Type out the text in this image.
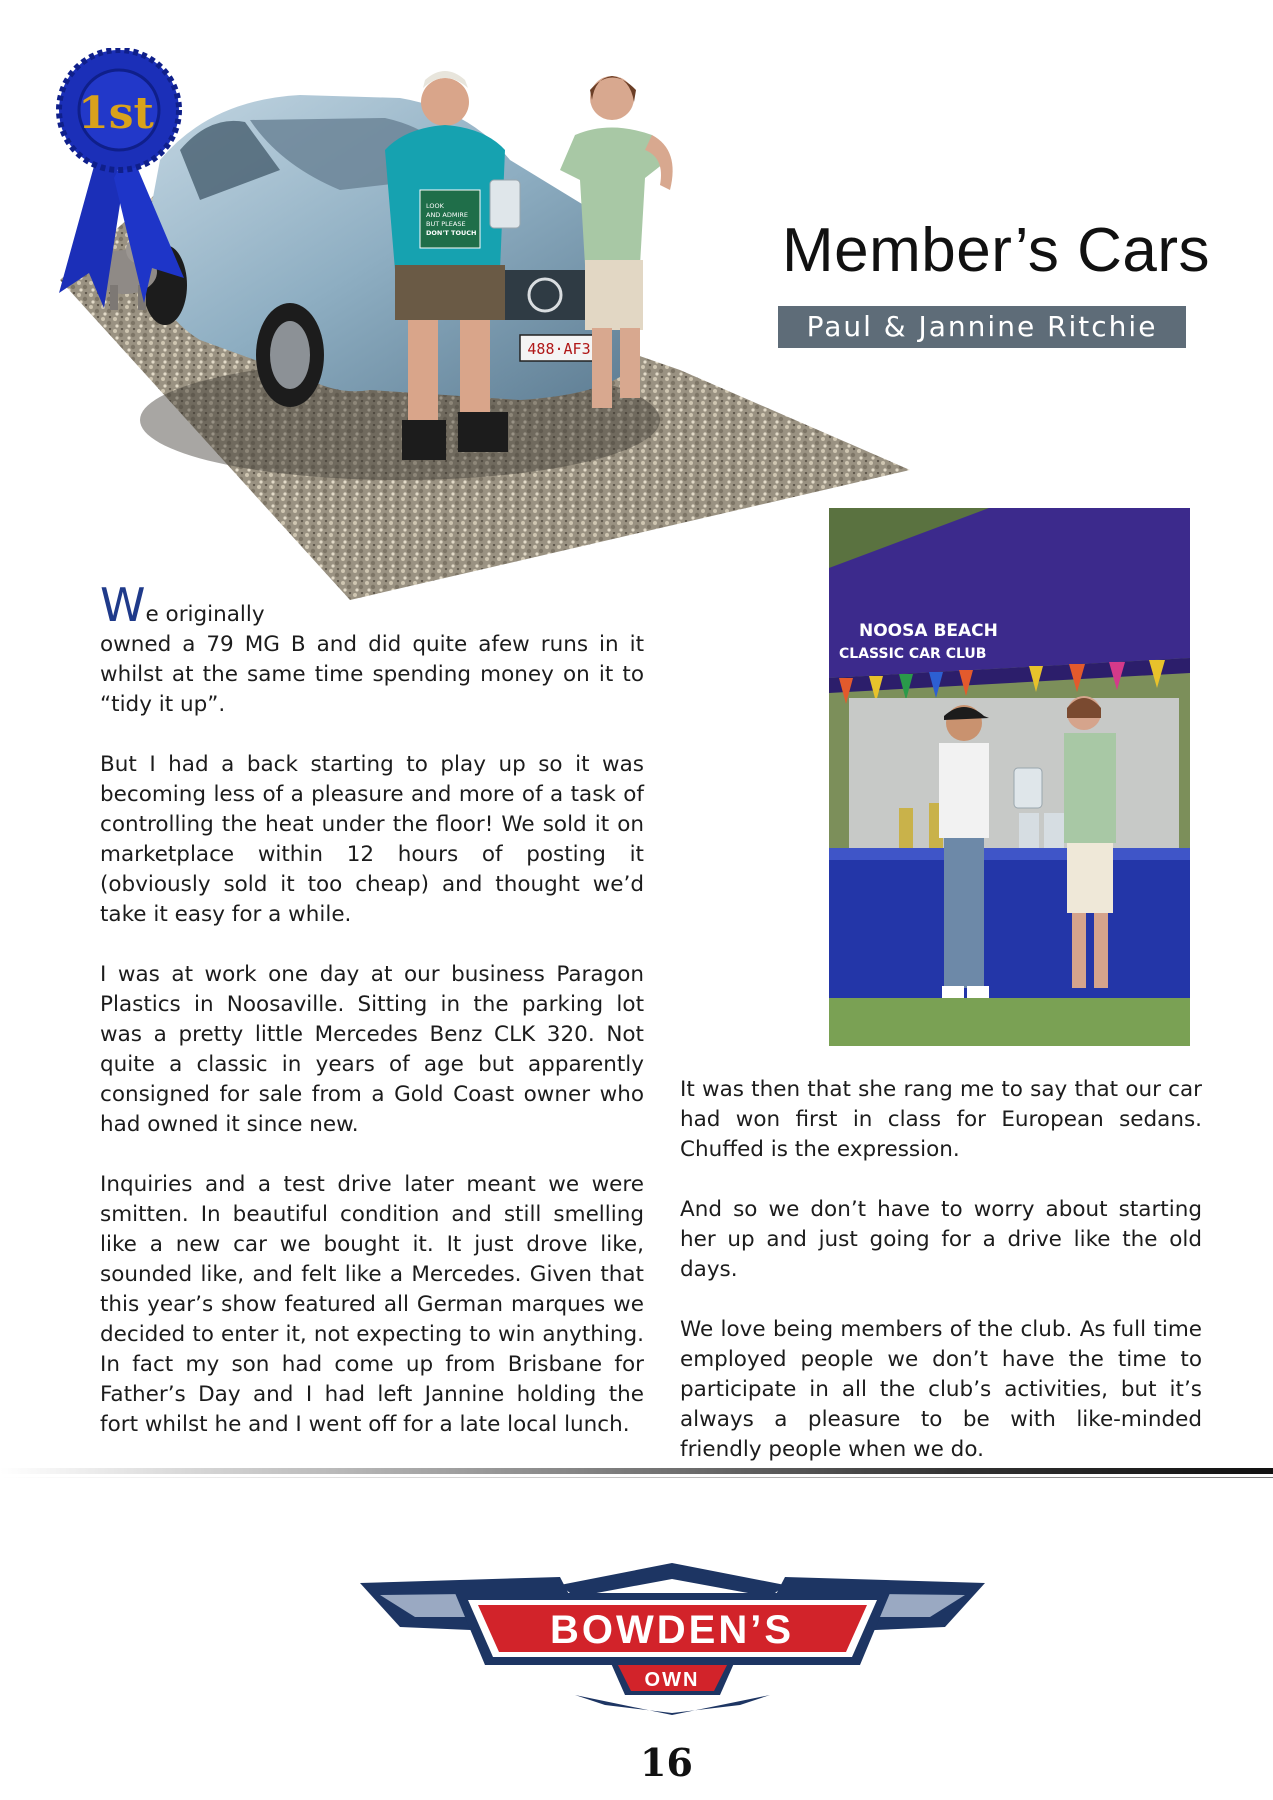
488·AF3
LOOK
AND ADMIRE
BUT PLEASE
DON'T TOUCH
1st
Member’s Cars
Paul & Jannine Ritchie
NOOSA BEACH
CLASSIC CAR CLUB

We originally
owned a 79 MG B and did quite afew runs in it whilst at the same time spending money on it to “tidy it up”.

But I had a back starting to play up so it was becoming less of a pleasure and more of a task of controlling the heat under the floor! We sold it on marketplace within 12 hours of posting it (obviously sold it too cheap) and thought we’d take it easy for a while.

I was at work one day at our business Paragon Plastics in Noosaville. Sitting in the parking lot was a pretty little Mercedes Benz CLK 320. Not quite a classic in years of age but apparently consigned for sale from a Gold Coast owner who had owned it since new.

Inquiries and a test drive later meant we were smitten. In beautiful condition and still smelling like a new car we bought it. It just drove like, sounded like, and felt like a Mercedes. Given that this year’s show featured all German marques we decided to enter it, not expecting to win anything. In fact my son had come up from Brisbane for Father’s Day and I had left Jannine holding the fort whilst he and I went off for a late local lunch.

It was then that she rang me to say that our car had won first in class for European sedans. Chuffed is the expression.

And so we don’t have to worry about starting her up and just going for a drive like the old days.

We love being members of the club. As full time employed people we don’t have the time to participate in all the club’s activities, but it’s always a pleasure to be with like-minded friendly people when we do.

BOWDEN’S
OWN
16
